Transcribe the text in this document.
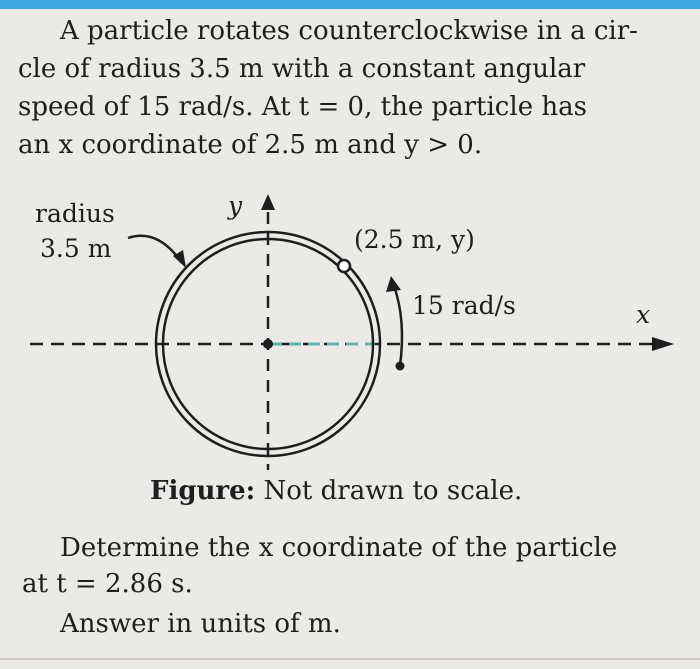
A particle rotates counterclockwise in a cir-
cle of radius 3.5 m with a constant angular
speed of 15 rad/s. At t = 0, the particle has
an x coordinate of 2.5 m and y > 0.
radius
3.5 m
y
x
(2.5 m, y)
15 rad/s
Figure: Not drawn to scale.
Determine the x coordinate of the particle
at t = 2.86 s.
Answer in units of m.
